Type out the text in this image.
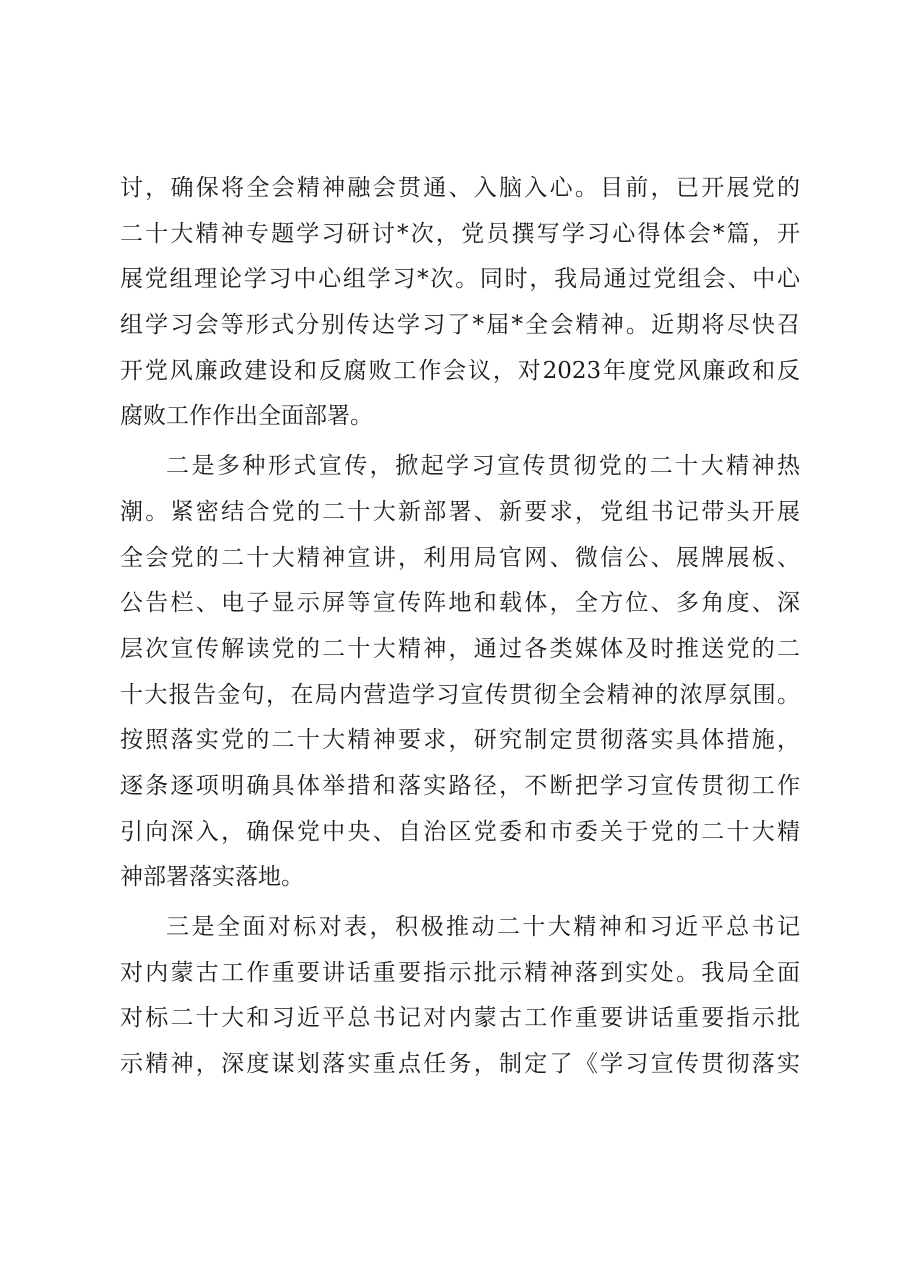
讨，确保将全会精神融会贯通、入脑入心。目前，已开展党的
二十大精神专题学习研讨*次，党员撰写学习心得体会*篇，开
展党组理论学习中心组学习*次。同时，我局通过党组会、中心
组学习会等形式分别传达学习了*届*全会精神。近期将尽快召
开党风廉政建设和反腐败工作会议，对2023年度党风廉政和反
腐败工作作出全面部署。
二是多种形式宣传，掀起学习宣传贯彻党的二十大精神热
潮。紧密结合党的二十大新部署、新要求，党组书记带头开展
全会党的二十大精神宣讲，利用局官网、微信公、展牌展板、
公告栏、电子显示屏等宣传阵地和载体，全方位、多角度、深
层次宣传解读党的二十大精神，通过各类媒体及时推送党的二
十大报告金句，在局内营造学习宣传贯彻全会精神的浓厚氛围。
按照落实党的二十大精神要求，研究制定贯彻落实具体措施，
逐条逐项明确具体举措和落实路径，不断把学习宣传贯彻工作
引向深入，确保党中央、自治区党委和市委关于党的二十大精
神部署落实落地。
三是全面对标对表，积极推动二十大精神和习近平总书记
对内蒙古工作重要讲话重要指示批示精神落到实处。我局全面
对标二十大和习近平总书记对内蒙古工作重要讲话重要指示批
示精神，深度谋划落实重点任务，制定了《学习宣传贯彻落实
